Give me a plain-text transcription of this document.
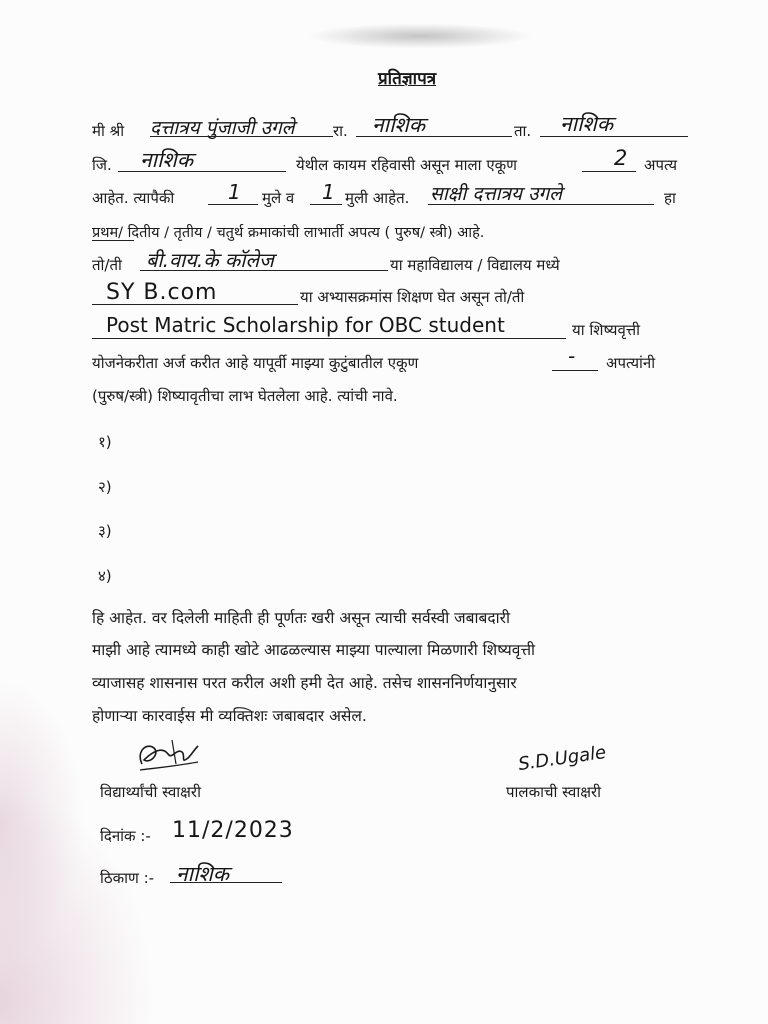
प्रतिज्ञापत्र
मी श्री दत्तात्रय पुंजाजी उगले	रा. नाशिक	ता. नाशिक
जि. नाशिक	येथील कायम रहिवासी असून माला एकूण	2 अपत्य
आहेत. त्यापैकी	1 मुले व 1 मुली आहेत. साक्षी दत्तात्रय उगले	हा
प्रथम/ दितीय / तृतीय / चतुर्थ क्रमाकांची लाभार्ती अपत्य ( पुरुष/ स्त्री) आहे.
तो/ती बी.वाय.के कॉलेज	या महाविद्यालय / विद्यालय मध्ये
SY B.com	या अभ्यासक्रमांस शिक्षण घेत असून तो/ती
Post Matric Scholarship for OBC student	या शिष्यवृत्ती
योजनेकरीता अर्ज करीत आहे यापूर्वी माझ्या कुटुंबातील एकूण	- अपत्यांनी
(पुरुष/स्त्री) शिष्यावृतीचा लाभ घेतलेला आहे. त्यांची नावे.
१)
२)
३)
४)
हि आहेत. वर दिलेली माहिती ही पूर्णतः खरी असून त्याची सर्वस्वी जबाबदारी
माझी आहे त्यामध्ये काही खोटे आढळल्यास माझ्या पाल्याला मिळणारी शिष्यवृत्ती
व्याजासह शासनास परत करील अशी हमी देत आहे. तसेच शासननिर्णयानुसार
होणाऱ्या कारवाईस मी व्यक्तिशः जबाबदार असेल.
विद्यार्थ्यांची स्वाक्षरी
S.D.Ugale
पालकाची स्वाक्षरी
दिनांक :- 11/2/2023
ठिकाण :- नाशिक
